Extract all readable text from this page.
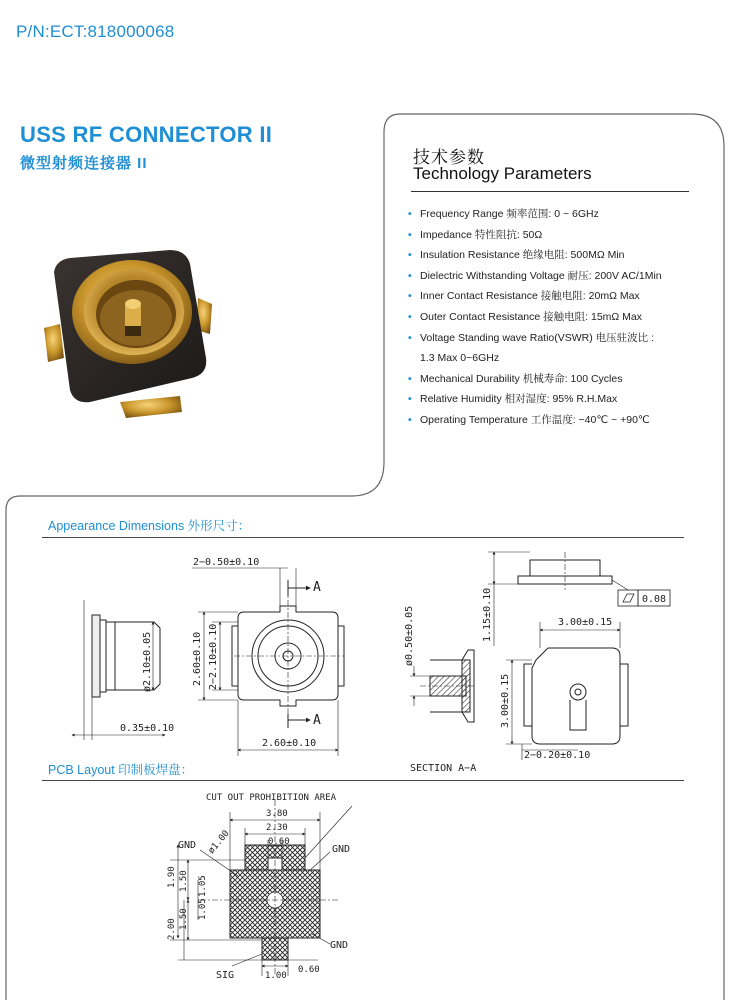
P/N:ECT:818000068
USS RF CONNECTOR II
微型射频连接器 II	技术参数
Technology Parameters
• Frequency Range 频率范围: 0 ~ 6GHz
• Impedance 特性阻抗: 50Ω
• Insulation Resistance 绝缘电阻: 500MΩ Min
• Dielectric Withstanding Voltage 耐压: 200V AC/1Min
• Inner Contact Resistance 接触电阻: 20mΩ Max
• Outer Contact Resistance 接触电阻: 15mΩ Max
• Voltage Standing wave Ratio(VSWR) 电压驻波比 :
1.3 Max 0~6GHz
• Mechanical Durability 机械寿命: 100 Cycles
• Relative Humidity 相对湿度: 95% R.H.Max
• Operating Temperature 工作温度: −40℃ ~ +90℃
Appearance Dimensions 外形尺寸：
PCB Layout 印制板焊盘：
2−0.50±0.10
A
A
ø2.10±0.05	2.60±0.10 2−2.10±0.10
0.35±0.10
2.60±0.10
ø0.50±0.05	1.15±0.10	0.08
3.00±0.15
3.00±0.15
2−0.20±0.10
SECTION A−A
CUT OUT PROHIBITION AREA
3.80
2.30
0.60
ø1.00
GND	GND
GND
1.90 1.50 1.05
1.50 1.05
2.00
SIG	1.00
0.60
